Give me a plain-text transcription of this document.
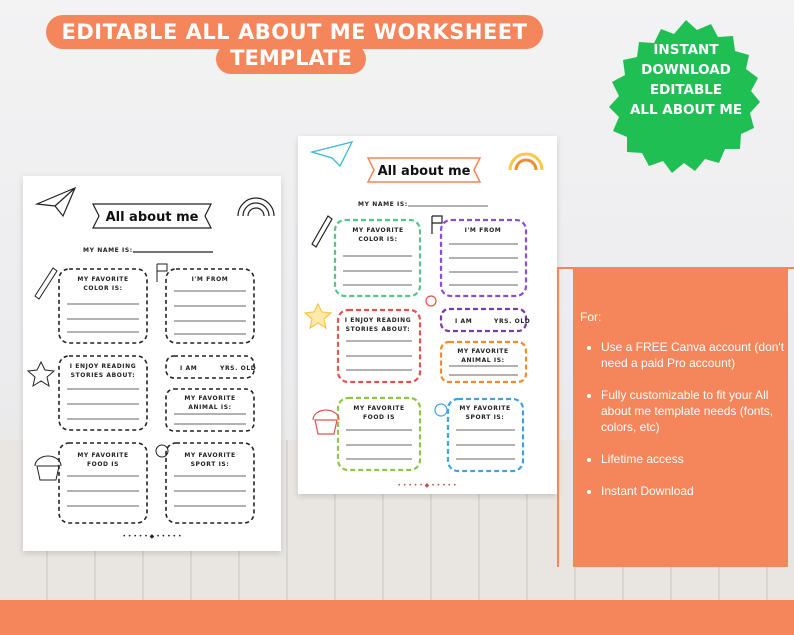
EDITABLE ALL ABOUT ME WORKSHEET
TEMPLATE	INSTANT
DOWNLOAD
EDITABLE
ALL ABOUT ME
All about me
MY NAME IS:
MY FAVORITE
COLOR IS:
I'M FROM
I ENJOY READING
STORIES ABOUT:
I AM	YRS. OLD
MY FAVORITE
ANIMAL IS:
MY FAVORITE
FOOD IS
MY FAVORITE
SPORT IS:
• • • • • ◆ • • • • •
All about me
MY NAME IS:
MY FAVORITE
COLOR IS:
I'M FROM
I ENJOY READING
STORIES ABOUT:
I AM	YRS. OLD
MY FAVORITE
ANIMAL IS:
MY FAVORITE
FOOD IS
MY FAVORITE
SPORT IS:
• • • • • ◆ • • • • •
For:
• Use a FREE Canva account (don't need a paid Pro account)
• Fully customizable to fit your All about me template needs (fonts, colors, etc)
• Lifetime access
• Instant Download
